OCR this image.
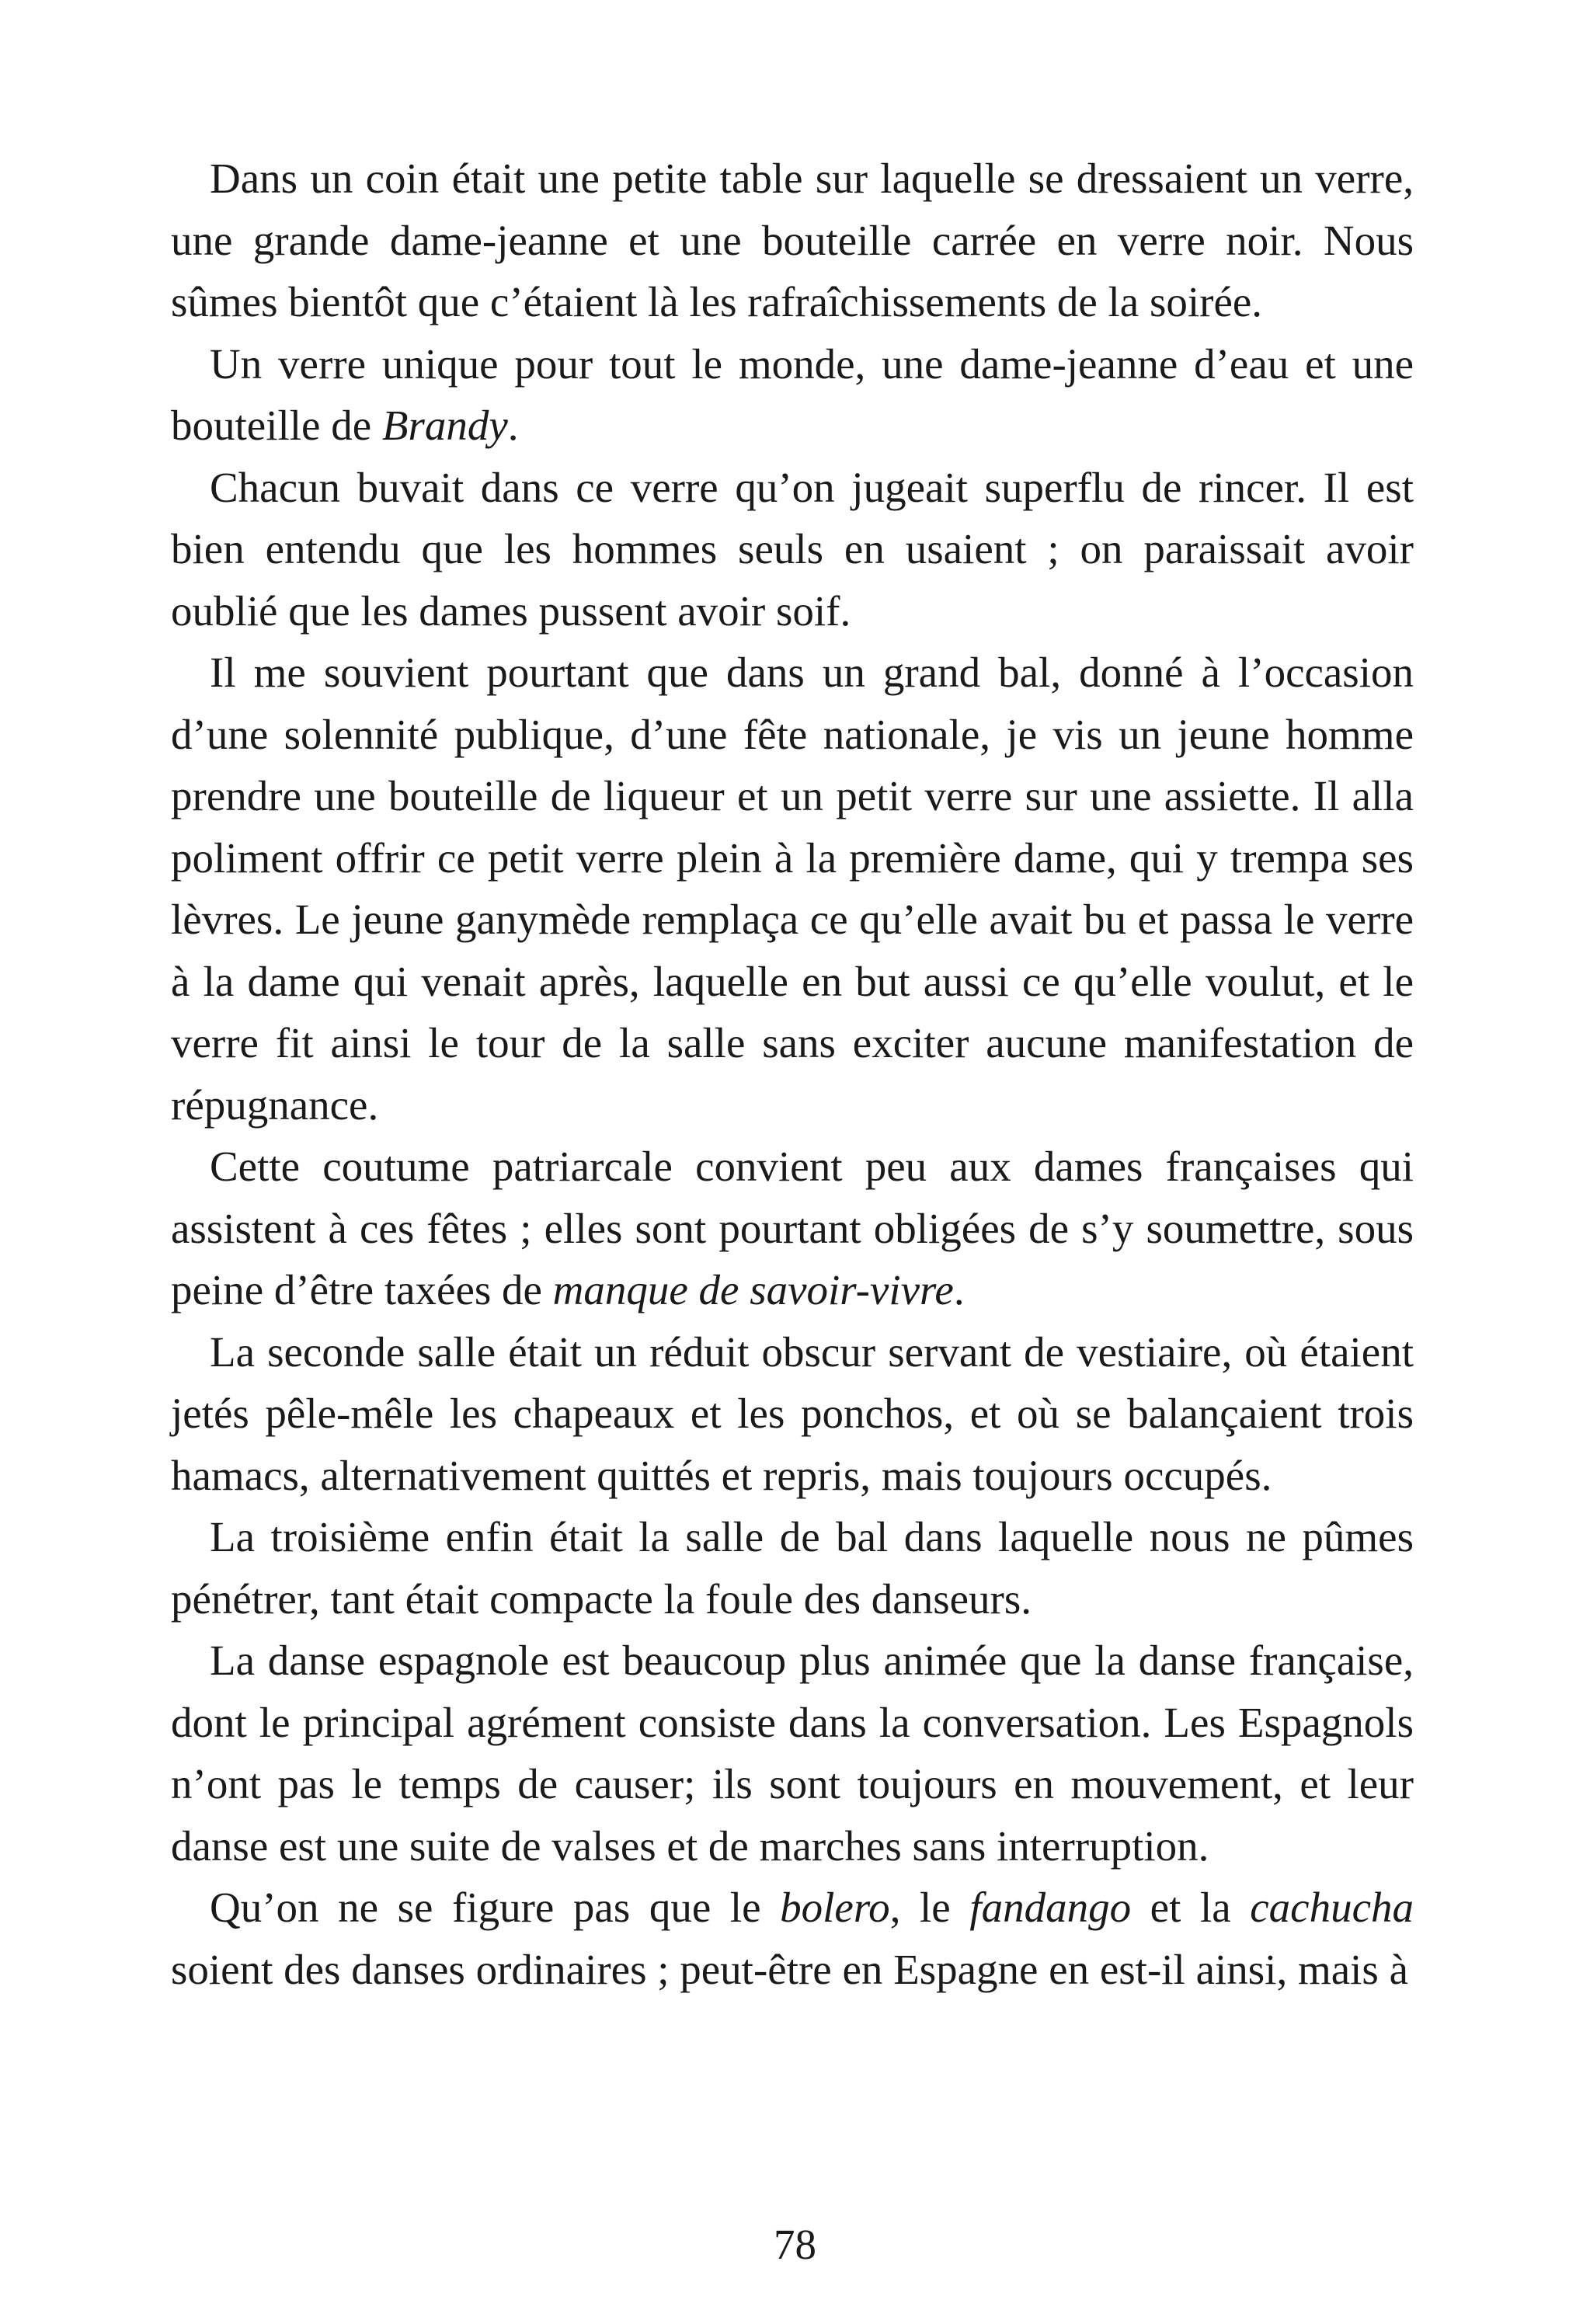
Dans un coin était une petite table sur laquelle se dressaient un verre, une grande dame-jeanne et une bouteille carrée en verre noir. Nous sûmes bientôt que c’étaient là les rafraîchissements de la soirée.

Un verre unique pour tout le monde, une dame-jeanne d’eau et une bouteille de Brandy.

Chacun buvait dans ce verre qu’on jugeait superflu de rincer. Il est bien entendu que les hommes seuls en usaient ; on paraissait avoir oublié que les dames pussent avoir soif.

Il me souvient pourtant que dans un grand bal, donné à l’occasion d’une solennité publique, d’une fête nationale, je vis un jeune homme prendre une bouteille de liqueur et un petit verre sur une assiette. Il alla poliment offrir ce petit verre plein à la première dame, qui y trempa ses lèvres. Le jeune ganymède remplaça ce qu’elle avait bu et passa le verre à la dame qui venait après, laquelle en but aussi ce qu’elle voulut, et le verre fit ainsi le tour de la salle sans exciter aucune manifestation de répugnance.

Cette coutume patriarcale convient peu aux dames françaises qui assistent à ces fêtes ; elles sont pourtant obligées de s’y soumettre, sous peine d’être taxées de manque de savoir-vivre.

La seconde salle était un réduit obscur servant de vestiaire, où étaient jetés pêle-mêle les chapeaux et les ponchos, et où se balançaient trois hamacs, alternativement quittés et repris, mais toujours occupés.

La troisième enfin était la salle de bal dans laquelle nous ne pûmes pénétrer, tant était compacte la foule des danseurs.

La danse espagnole est beaucoup plus animée que la danse française, dont le principal agrément consiste dans la conversation. Les Espagnols n’ont pas le temps de causer; ils sont toujours en mouvement, et leur danse est une suite de valses et de marches sans interruption.

Qu’on ne se figure pas que le bolero, le fandango et la cachucha soient des danses ordinaires ; peut-être en Espagne en est-il ainsi, mais à

78
